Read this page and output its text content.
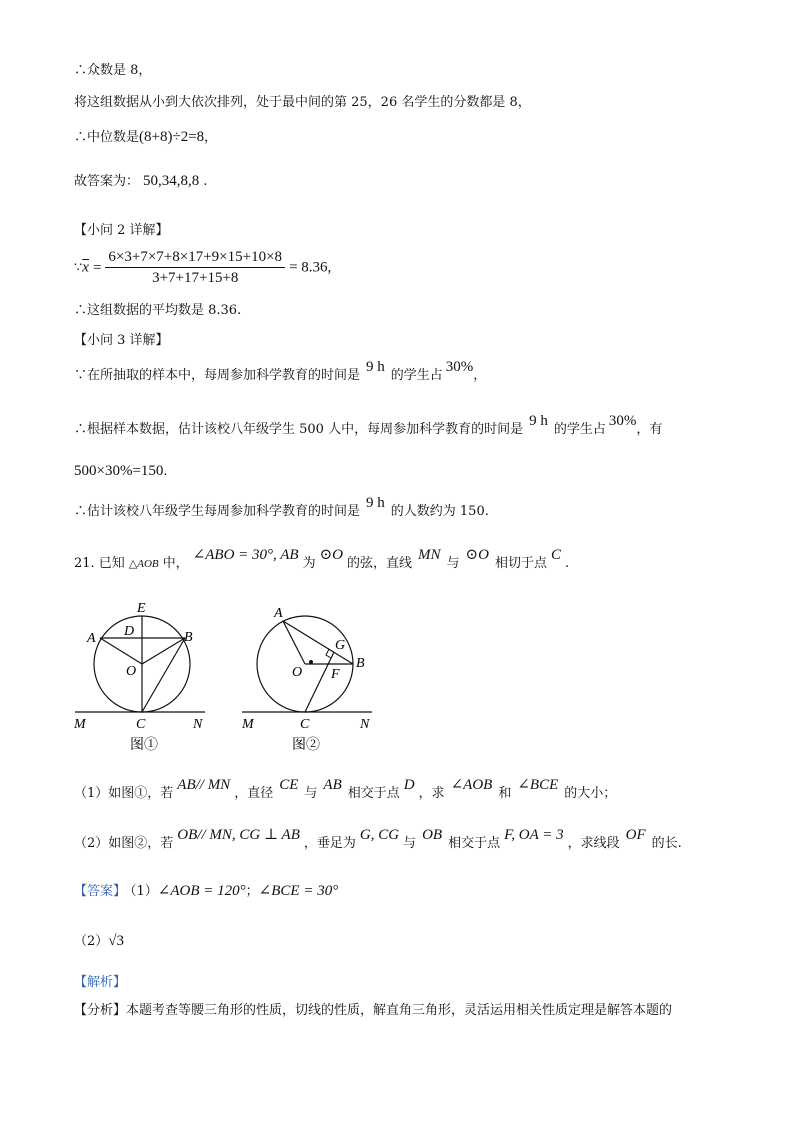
∴众数是 8，
将这组数据从小到大依次排列，处于最中间的第 25，26 名学生的分数都是 8，
∴中位数是(8+8)÷2=8，
故答案为： 50,34,8,8 .
【小问 2 详解】
$\because\overline{x} = \frac{6\times 3+7\times 7+8\times 17+9\times 15+10\times 8}{3+7+17+15+8} = 8.36$,
∴这组数据的平均数是 8.36.
【小问 3 详解】
∵在所抽取的样本中，每周参加科学教育的时间是9 h的学生占30%，
∴根据样本数据，估计该校八年级学生 500 人中，每周参加科学教育的时间是9 h的学生占30%，有
500×30%=150.
∴估计该校八年级学生每周参加科学教育的时间是9 h的人数约为 150.
21. 已知 △AOB 中，∠ABO = 30°, AB为⊙O的弦，直线MN与⊙O相切于点C.
E
A D	B
O
M	C	N
图①
A
G
B
O F
M	C	N
图②
（1）如图①，若AB// MN，直径CE与AB相交于点D，求∠AOB和∠BCE的大小；
（2）如图②，若OB// MN, CG ⊥ AB，垂足为G, CG与OB相交于点F, OA = 3，求线段OF的长.
【答案】 （1）∠AOB = 120°；∠BCE = 30°
（2）√3
【解析】
【分析】本题考查等腰三角形的性质，切线的性质，解直角三角形，灵活运用相关性质定理是解答本题的
